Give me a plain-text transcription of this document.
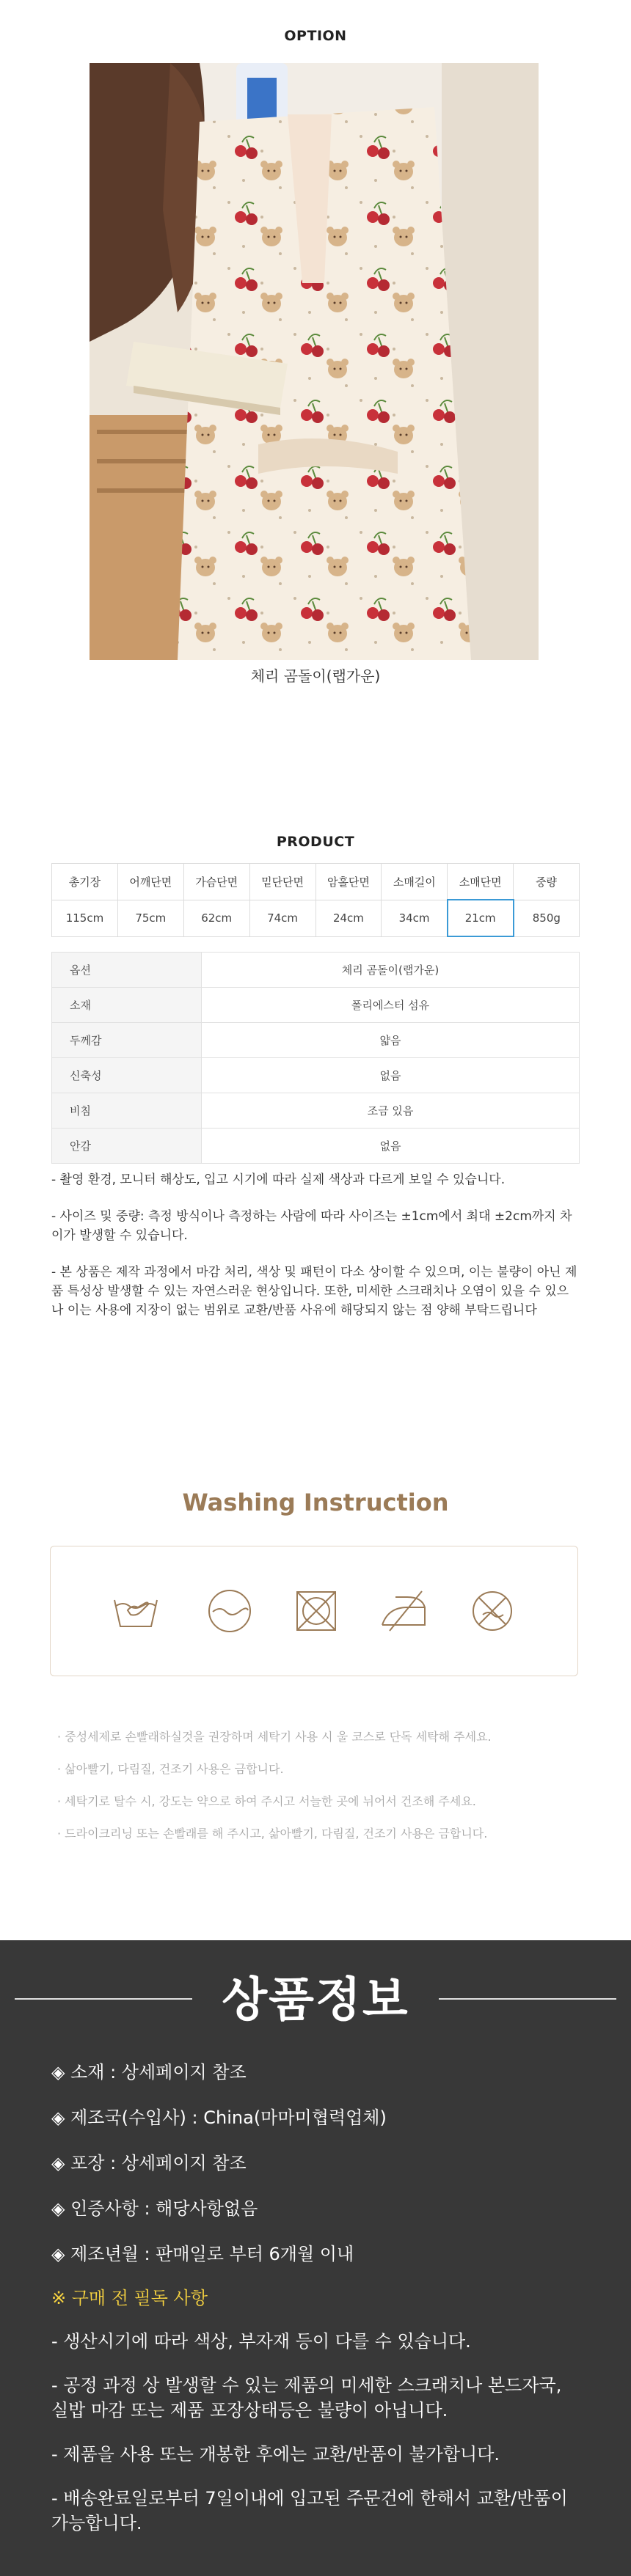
OPTION
체리 곰돌이(랩가운)
PRODUCT
총기장	어깨단면	가슴단면	밑단단면	암홀단면	소매길이	소매단면	중량
115cm	75cm	62cm	74cm	24cm	34cm	21cm	850g
옵션	체리 곰돌이(랩가운)
소재	폴리에스터 섬유
두께감	얇음
신축성	없음
비침	조금 있음
안감	없음
- 촬영 환경, 모니터 해상도, 입고 시기에 따라 실제 색상과 다르게 보일 수 있습니다.
- 사이즈 및 중량: 측정 방식이나 측정하는 사람에 따라 사이즈는 ±1cm에서 최대 ±2cm까지 차이가 발생할 수 있습니다.
- 본 상품은 제작 과정에서 마감 처리, 색상 및 패턴이 다소 상이할 수 있으며, 이는 불량이 아닌 제품 특성상 발생할 수 있는 자연스러운 현상입니다. 또한, 미세한 스크래치나 오염이 있을 수 있으나 이는 사용에 지장이 없는 범위로 교환/반품 사유에 해당되지 않는 점 양해 부탁드립니다
Washing Instruction
· 중성세제로 손빨래하실것을 권장하며 세탁기 사용 시 울 코스로 단독 세탁해 주세요.
· 삶아빨기, 다림질, 건조기 사용은 금합니다.
· 세탁기로 탈수 시, 강도는 약으로 하여 주시고 서늘한 곳에 뉘어서 건조해 주세요.
· 드라이크리닝 또는 손빨래를 해 주시고, 삶아빨기, 다림질, 건조기 사용은 금합니다.
상품정보
◈ 소재 : 상세페이지 참조
◈ 제조국(수입사) : China(마마미협력업체)
◈ 포장 : 상세페이지 참조
◈ 인증사항 : 해당사항없음
◈ 제조년월 : 판매일로 부터 6개월 이내
※ 구매 전 필독 사항
- 생산시기에 따라 색상, 부자재 등이 다를 수 있습니다.
- 공정 과정 상 발생할 수 있는 제품의 미세한 스크래치나 본드자국, 실밥 마감 또는 제품 포장상태등은 불량이 아닙니다.
- 제품을 사용 또는 개봉한 후에는 교환/반품이 불가합니다.
- 배송완료일로부터 7일이내에 입고된 주문건에 한해서 교환/반품이 가능합니다.
